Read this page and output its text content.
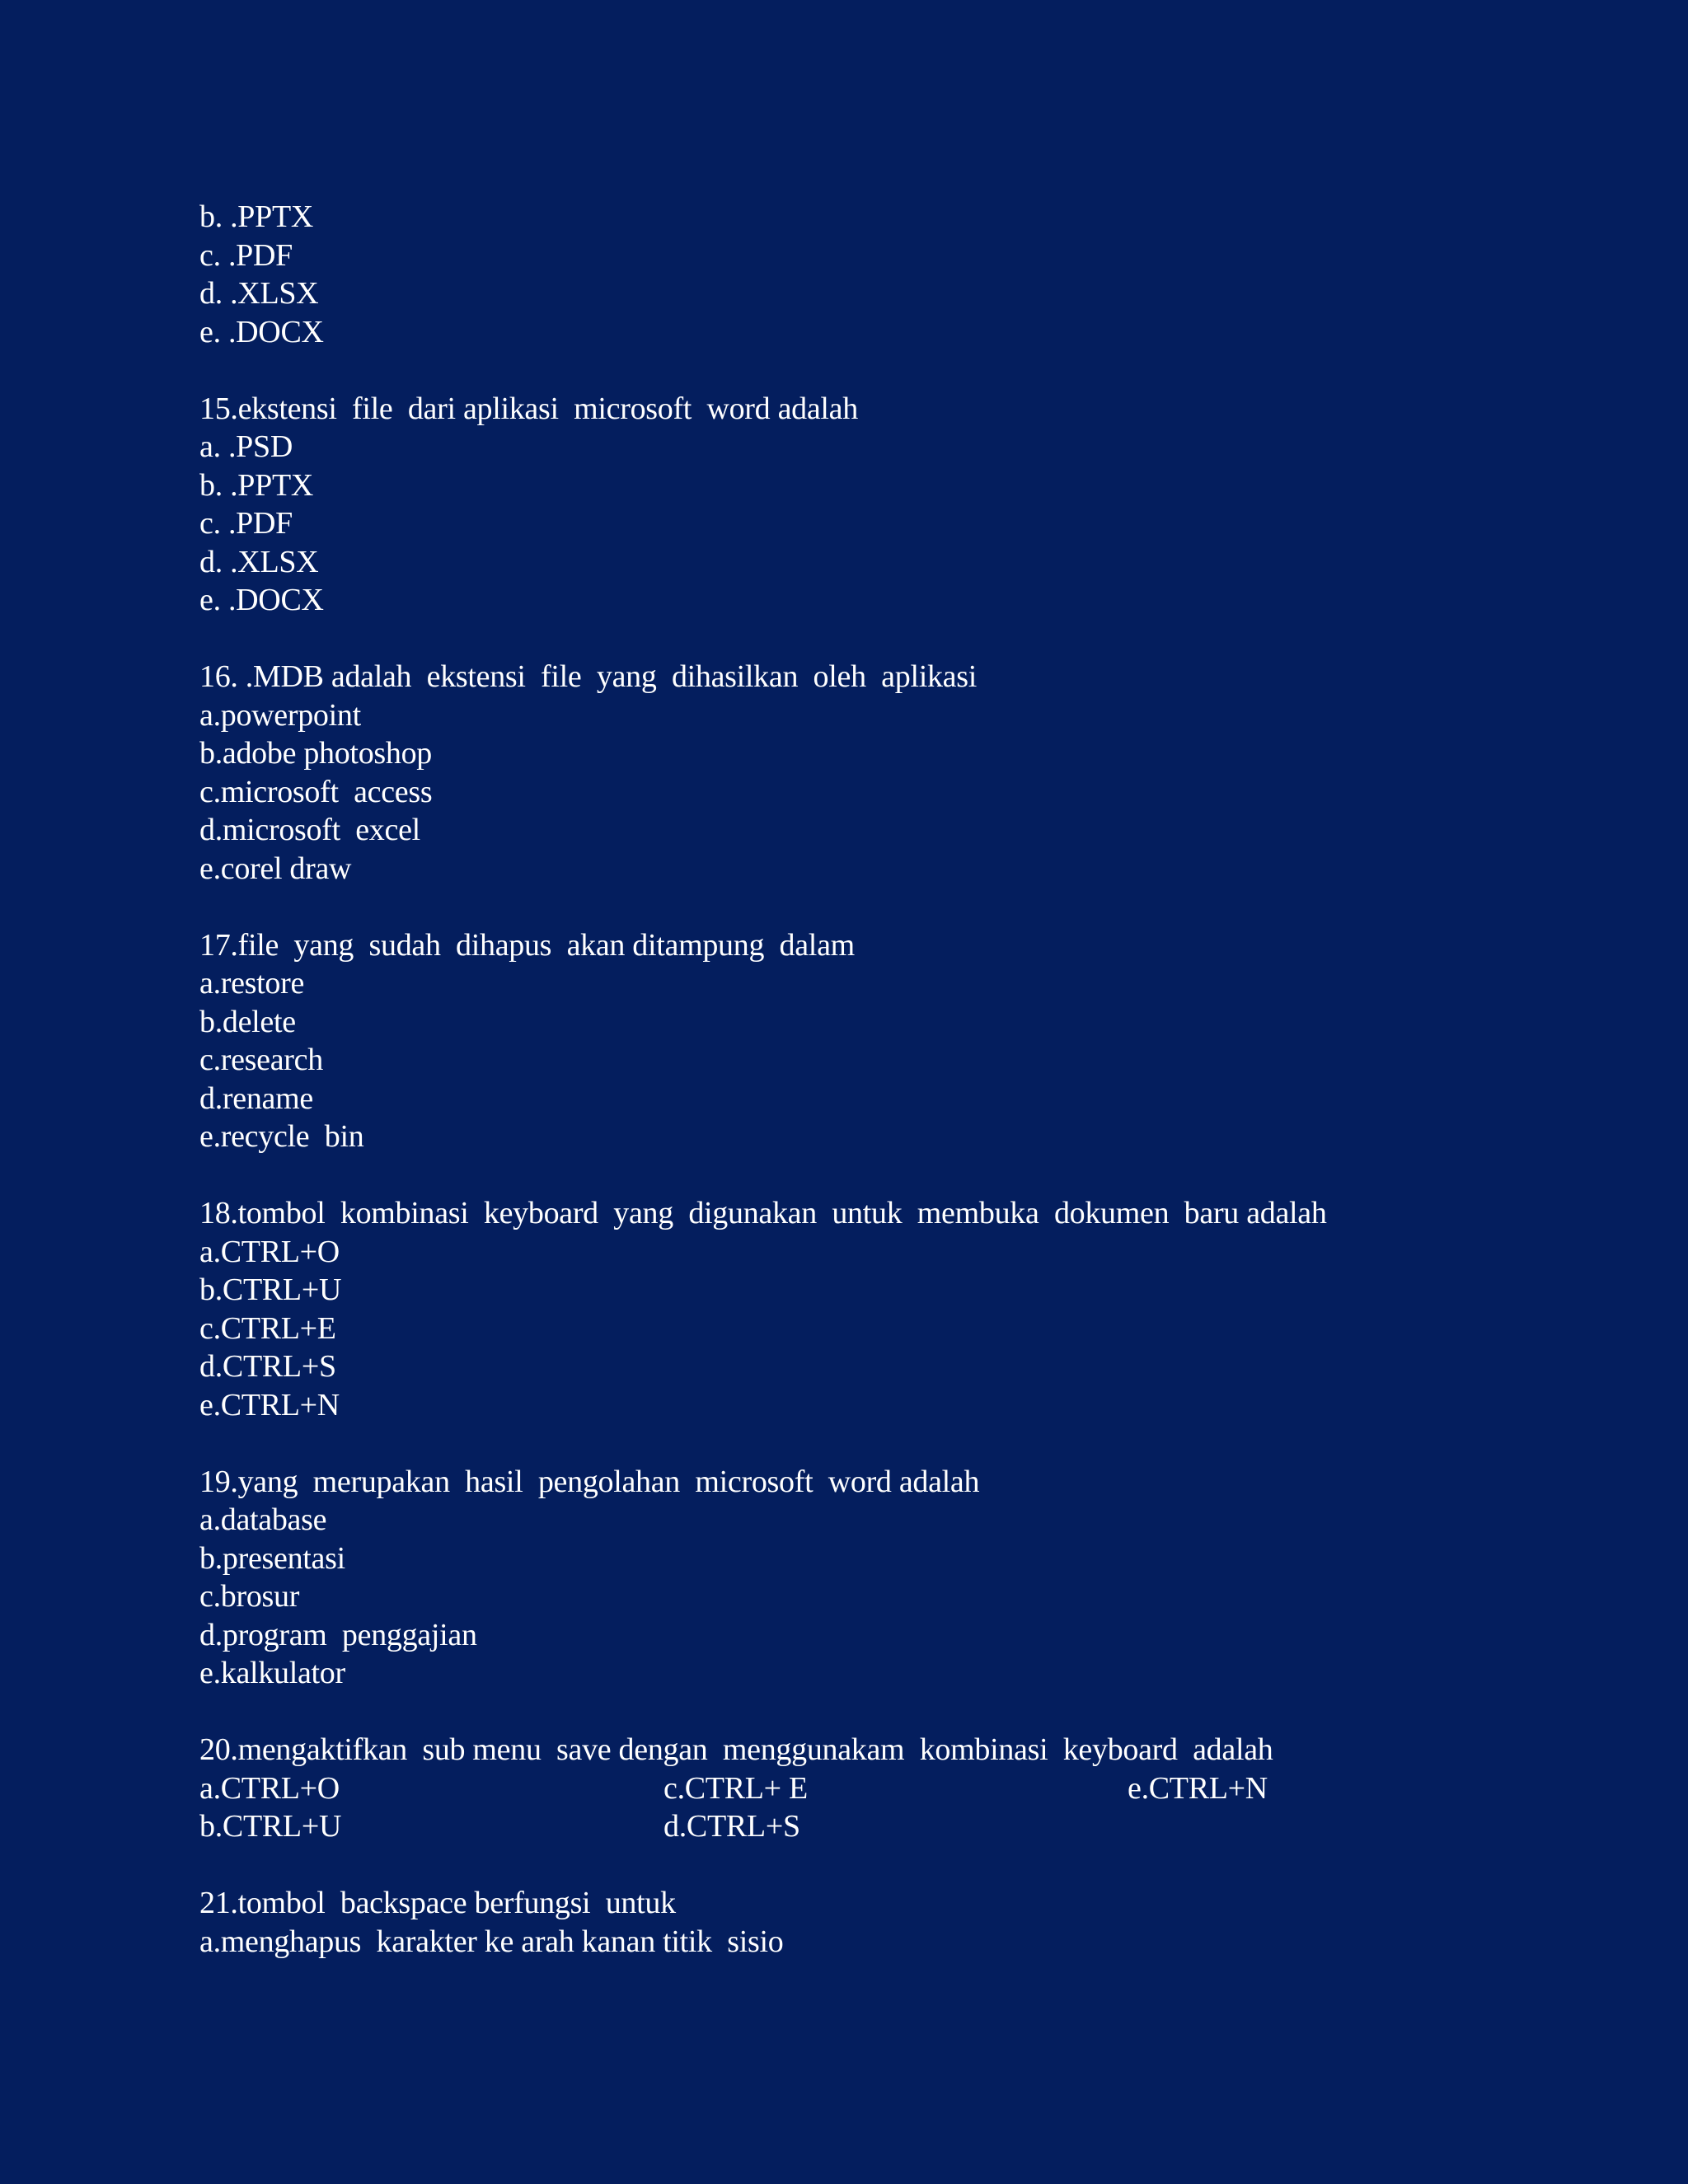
b. .PPTX
c. .PDF
d. .XLSX
e. .DOCX
15.ekstensi  file  dari aplikasi  microsoft  word adalah
a. .PSD
b. .PPTX
c. .PDF
d. .XLSX
e. .DOCX
16. .MDB adalah  ekstensi  file  yang  dihasilkan  oleh  aplikasi
a.powerpoint
b.adobe photoshop
c.microsoft  access
d.microsoft  excel
e.corel draw
17.file  yang  sudah  dihapus  akan ditampung  dalam
a.restore
b.delete
c.research
d.rename
e.recycle  bin
18.tombol  kombinasi  keyboard  yang  digunakan  untuk  membuka  dokumen  baru adalah
a.CTRL+O
b.CTRL+U
c.CTRL+E
d.CTRL+S
e.CTRL+N
19.yang  merupakan  hasil  pengolahan  microsoft  word adalah
a.database
b.presentasi
c.brosur
d.program  penggajian
e.kalkulator
20.mengaktifkan  sub menu  save dengan  menggunakam  kombinasi  keyboard  adalah
a.CTRL+O	c.CTRL+ E	e.CTRL+N
b.CTRL+U	d.CTRL+S
21.tombol  backspace berfungsi  untuk
a.menghapus  karakter ke arah kanan titik  sisio
